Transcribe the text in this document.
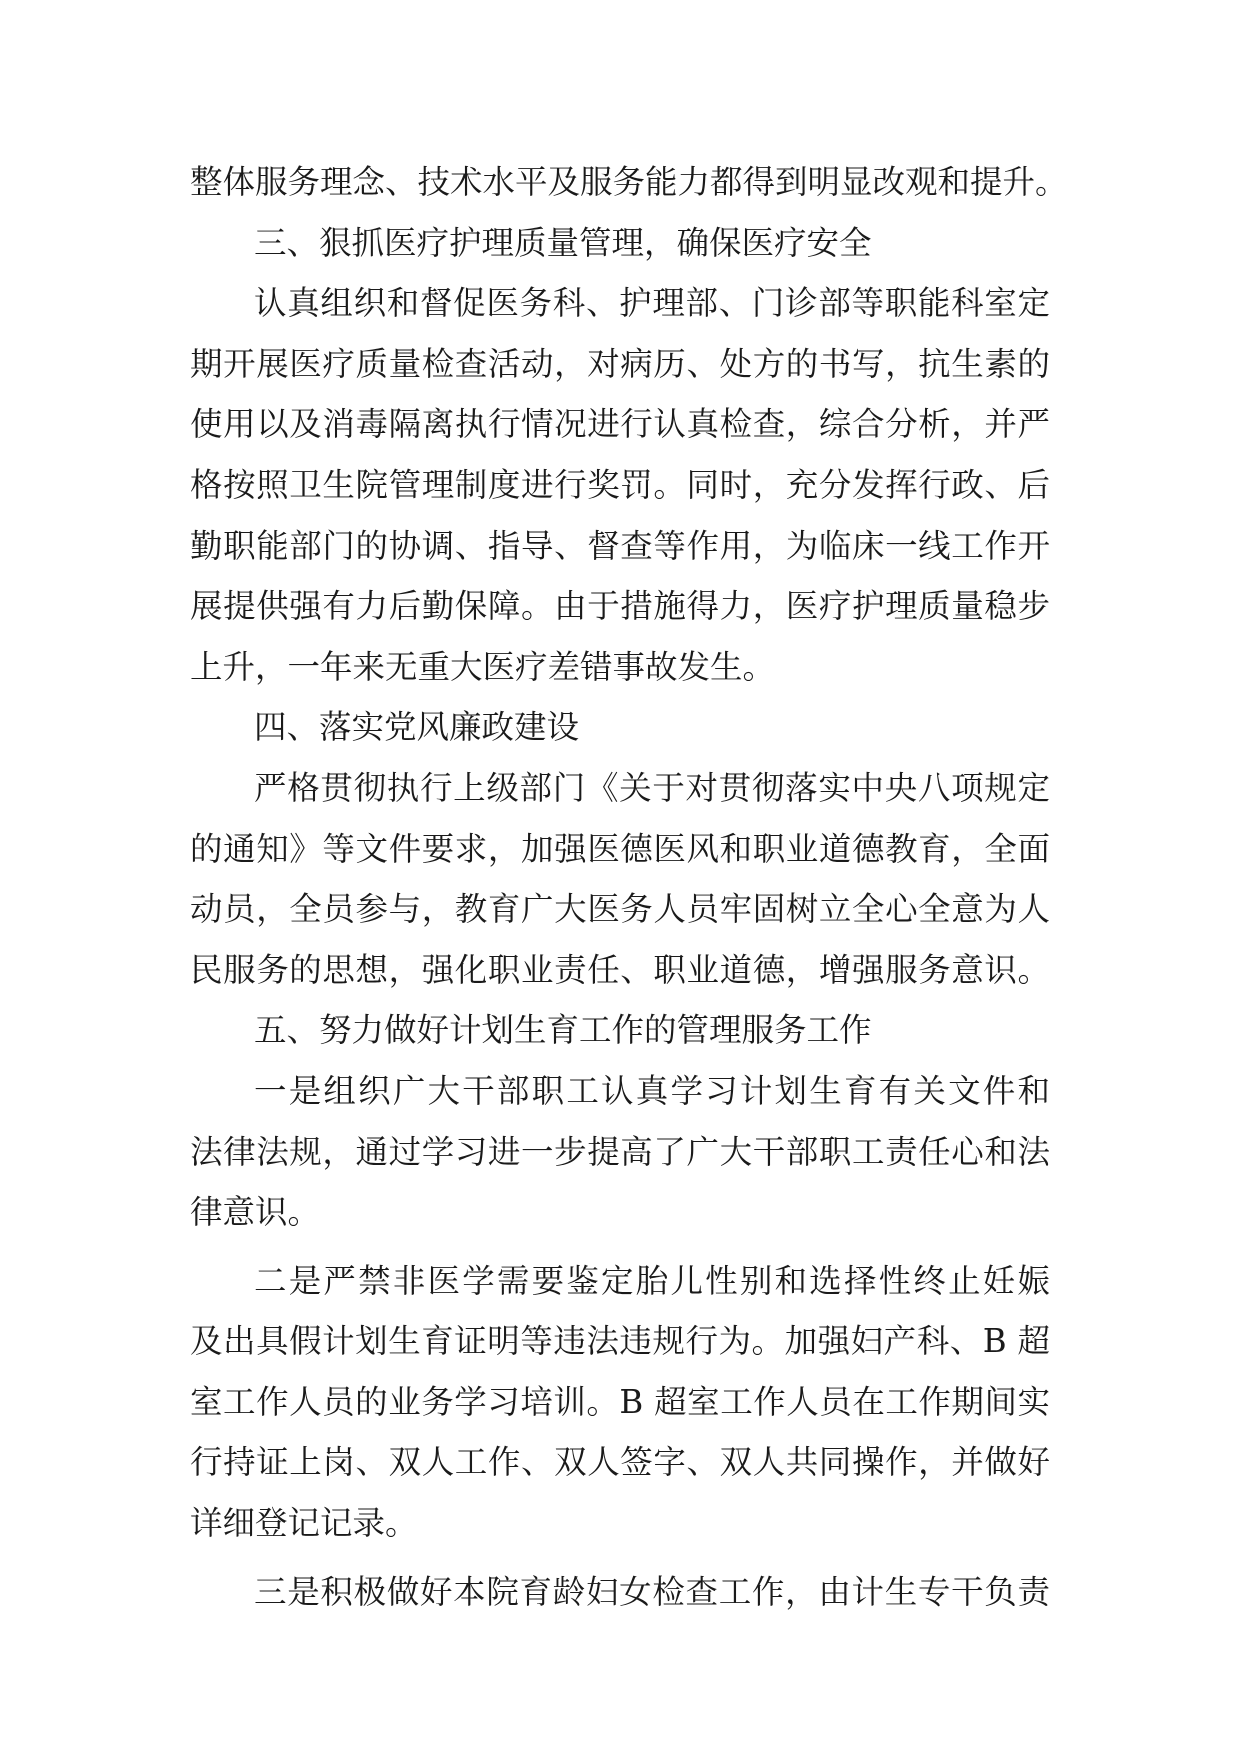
整体服务理念、技术水平及服务能力都得到明显改观和提升。
三、狠抓医疗护理质量管理，确保医疗安全
认真组织和督促医务科、护理部、门诊部等职能科室定
期开展医疗质量检查活动，对病历、处方的书写，抗生素的
使用以及消毒隔离执行情况进行认真检查，综合分析，并严
格按照卫生院管理制度进行奖罚。同时，充分发挥行政、后
勤职能部门的协调、指导、督查等作用，为临床一线工作开
展提供强有力后勤保障。由于措施得力，医疗护理质量稳步
上升，一年来无重大医疗差错事故发生。
四、落实党风廉政建设
严格贯彻执行上级部门《关于对贯彻落实中央八项规定
的通知》等文件要求，加强医德医风和职业道德教育，全面
动员，全员参与，教育广大医务人员牢固树立全心全意为人
民服务的思想，强化职业责任、职业道德，增强服务意识。
五、努力做好计划生育工作的管理服务工作
一是组织广大干部职工认真学习计划生育有关文件和
法律法规，通过学习进一步提高了广大干部职工责任心和法
律意识。
二是严禁非医学需要鉴定胎儿性别和选择性终止妊娠
及出具假计划生育证明等违法违规行为。加强妇产科、B 超
室工作人员的业务学习培训。B 超室工作人员在工作期间实
行持证上岗、双人工作、双人签字、双人共同操作，并做好
详细登记记录。
三是积极做好本院育龄妇女检查工作，由计生专干负责
